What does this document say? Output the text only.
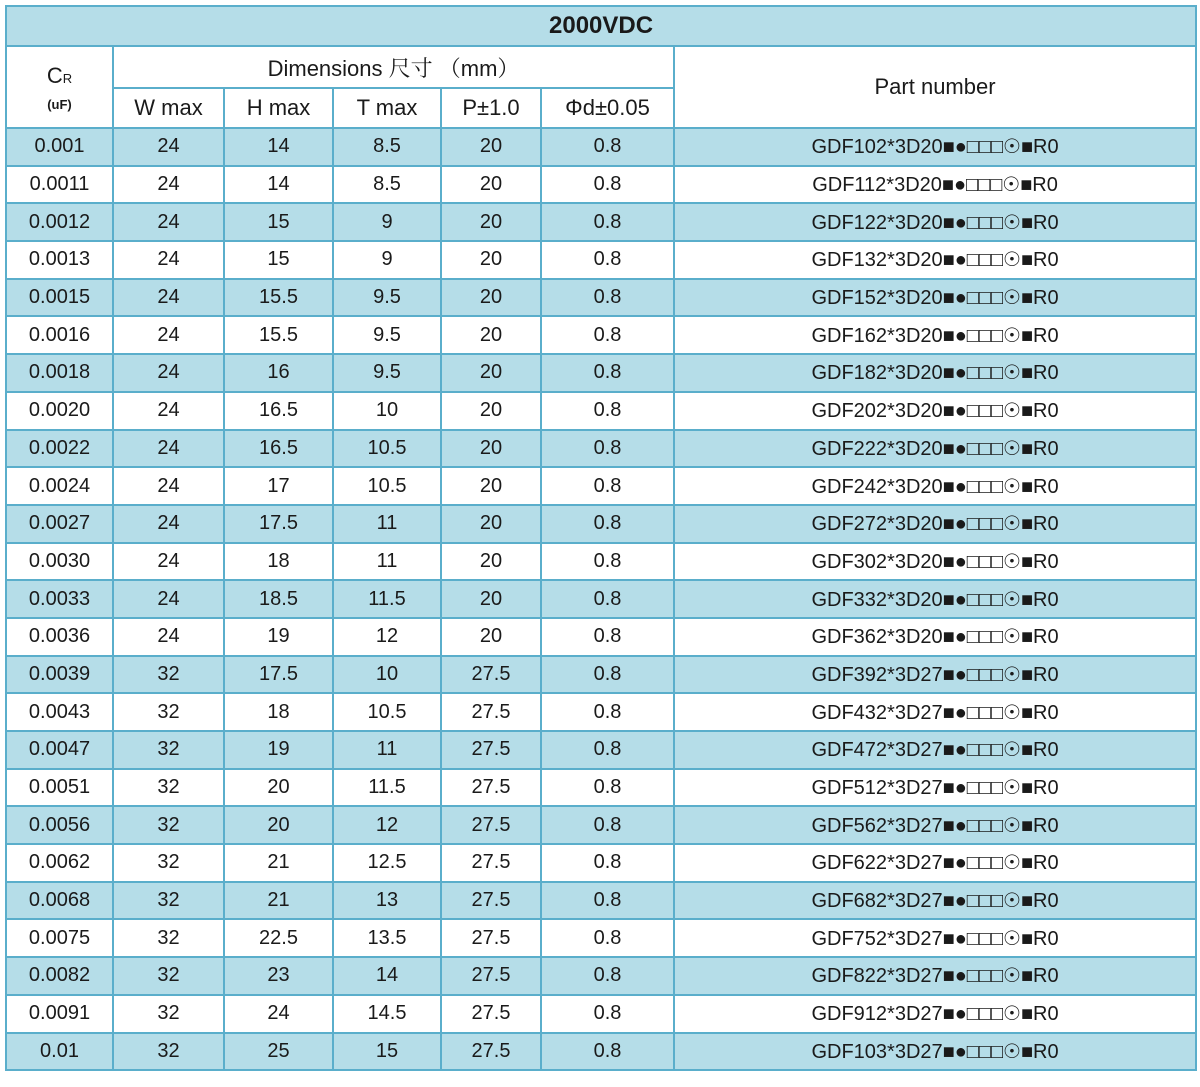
2000VDC						
CR
(uF)	Dimensions 尺寸 （mm）					Part number
	W max	H max	T max	P±1.0	Φd±0.05	
0.001	24	14	8.5	20	0.8	GDF102*3D20■●□□□☉■R0
0.0011	24	14	8.5	20	0.8	GDF112*3D20■●□□□☉■R0
0.0012	24	15	9	20	0.8	GDF122*3D20■●□□□☉■R0
0.0013	24	15	9	20	0.8	GDF132*3D20■●□□□☉■R0
0.0015	24	15.5	9.5	20	0.8	GDF152*3D20■●□□□☉■R0
0.0016	24	15.5	9.5	20	0.8	GDF162*3D20■●□□□☉■R0
0.0018	24	16	9.5	20	0.8	GDF182*3D20■●□□□☉■R0
0.0020	24	16.5	10	20	0.8	GDF202*3D20■●□□□☉■R0
0.0022	24	16.5	10.5	20	0.8	GDF222*3D20■●□□□☉■R0
0.0024	24	17	10.5	20	0.8	GDF242*3D20■●□□□☉■R0
0.0027	24	17.5	11	20	0.8	GDF272*3D20■●□□□☉■R0
0.0030	24	18	11	20	0.8	GDF302*3D20■●□□□☉■R0
0.0033	24	18.5	11.5	20	0.8	GDF332*3D20■●□□□☉■R0
0.0036	24	19	12	20	0.8	GDF362*3D20■●□□□☉■R0
0.0039	32	17.5	10	27.5	0.8	GDF392*3D27■●□□□☉■R0
0.0043	32	18	10.5	27.5	0.8	GDF432*3D27■●□□□☉■R0
0.0047	32	19	11	27.5	0.8	GDF472*3D27■●□□□☉■R0
0.0051	32	20	11.5	27.5	0.8	GDF512*3D27■●□□□☉■R0
0.0056	32	20	12	27.5	0.8	GDF562*3D27■●□□□☉■R0
0.0062	32	21	12.5	27.5	0.8	GDF622*3D27■●□□□☉■R0
0.0068	32	21	13	27.5	0.8	GDF682*3D27■●□□□☉■R0
0.0075	32	22.5	13.5	27.5	0.8	GDF752*3D27■●□□□☉■R0
0.0082	32	23	14	27.5	0.8	GDF822*3D27■●□□□☉■R0
0.0091	32	24	14.5	27.5	0.8	GDF912*3D27■●□□□☉■R0
0.01	32	25	15	27.5	0.8	GDF103*3D27■●□□□☉■R0
